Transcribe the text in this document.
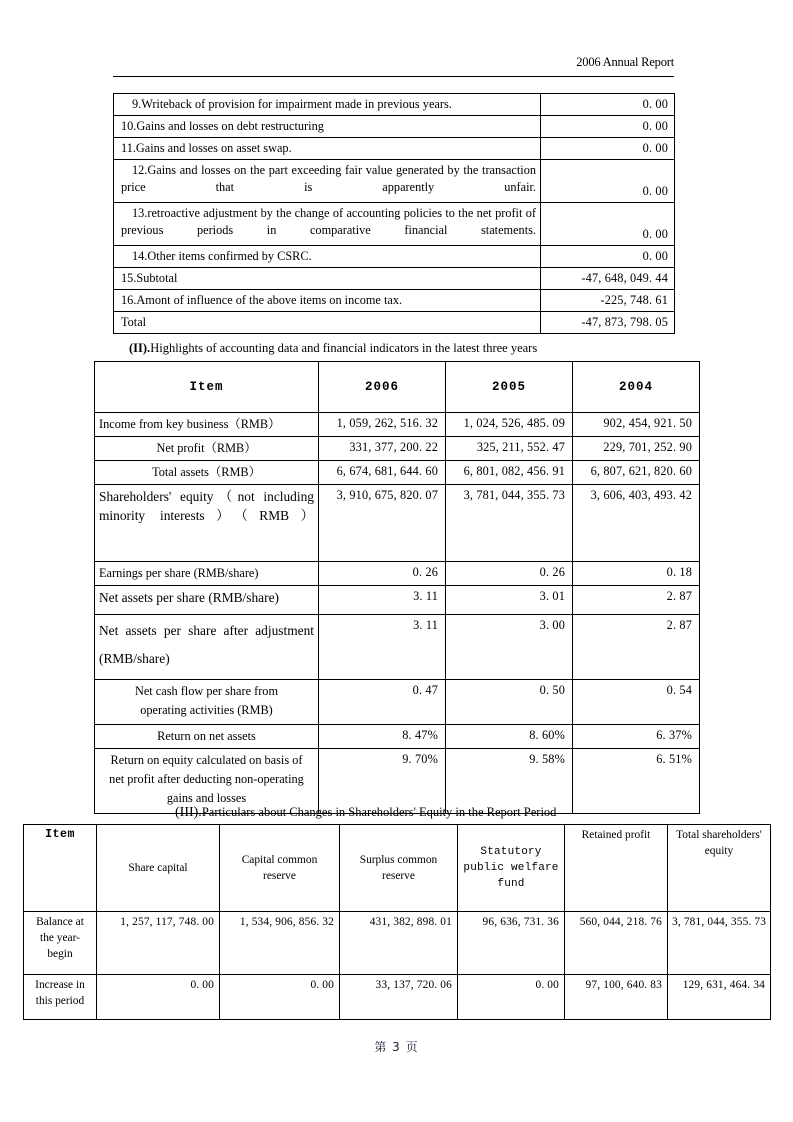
2006 Annual Report
9.Writeback of provision for impairment made in previous years.	0. 00
10.Gains and losses on debt restructuring	0. 00
11.Gains and losses on asset swap.	0. 00
12.Gains and losses on the part exceeding fair value generated by the transaction price that is apparently unfair.	0. 00
13.retroactive adjustment by the change of accounting policies to the net profit of previous periods in comparative financial statements.	0. 00
14.Other items confirmed by CSRC.	0. 00
15.Subtotal	-47, 648, 049. 44
16.Amont of influence of the above items on income tax.	-225, 748. 61
Total	-47, 873, 798. 05
(II).Highlights of accounting data and financial indicators in the latest three years
Item	2006	2005	2004
Income from key business（RMB）	1, 059, 262, 516. 32	1, 024, 526, 485. 09	902, 454, 921. 50
Net profit（RMB）	331, 377, 200. 22	325, 211, 552. 47	229, 701, 252. 90
Total assets（RMB）	6, 674, 681, 644. 60	6, 801, 082, 456. 91	6, 807, 621, 820. 60
Shareholders' equity（not including minority interests）（RMB）	3, 910, 675, 820. 07	3, 781, 044, 355. 73	3, 606, 403, 493. 42
Earnings per share (RMB/share)	0. 26	0. 26	0. 18
Net assets per share (RMB/share)	3. 11	3. 01	2. 87
Net assets per share after adjustment (RMB/share)	3. 11	3. 00	2. 87
Net cash flow per share from operating activities (RMB)	0. 47	0. 50	0. 54
Return on net assets	8. 47%	8. 60%	6. 37%
Return on equity calculated on basis of net profit after deducting non-operating gains and losses	9. 70%	9. 58%	6. 51%
(III).Particulars about Changes in Shareholders' Equity in the Report Period
Item	Share capital	Capital common reserve	Surplus common reserve	Statutory public welfare fund	Retained profit	Total shareholders' equity
Balance at the year-begin	1, 257, 117, 748. 00	1, 534, 906, 856. 32	431, 382, 898. 01	96, 636, 731. 36	560, 044, 218. 76	3, 781, 044, 355. 73
Increase in this period	0. 00	0. 00	33, 137, 720. 06	0. 00	97, 100, 640. 83	129, 631, 464. 34
第 3 页
